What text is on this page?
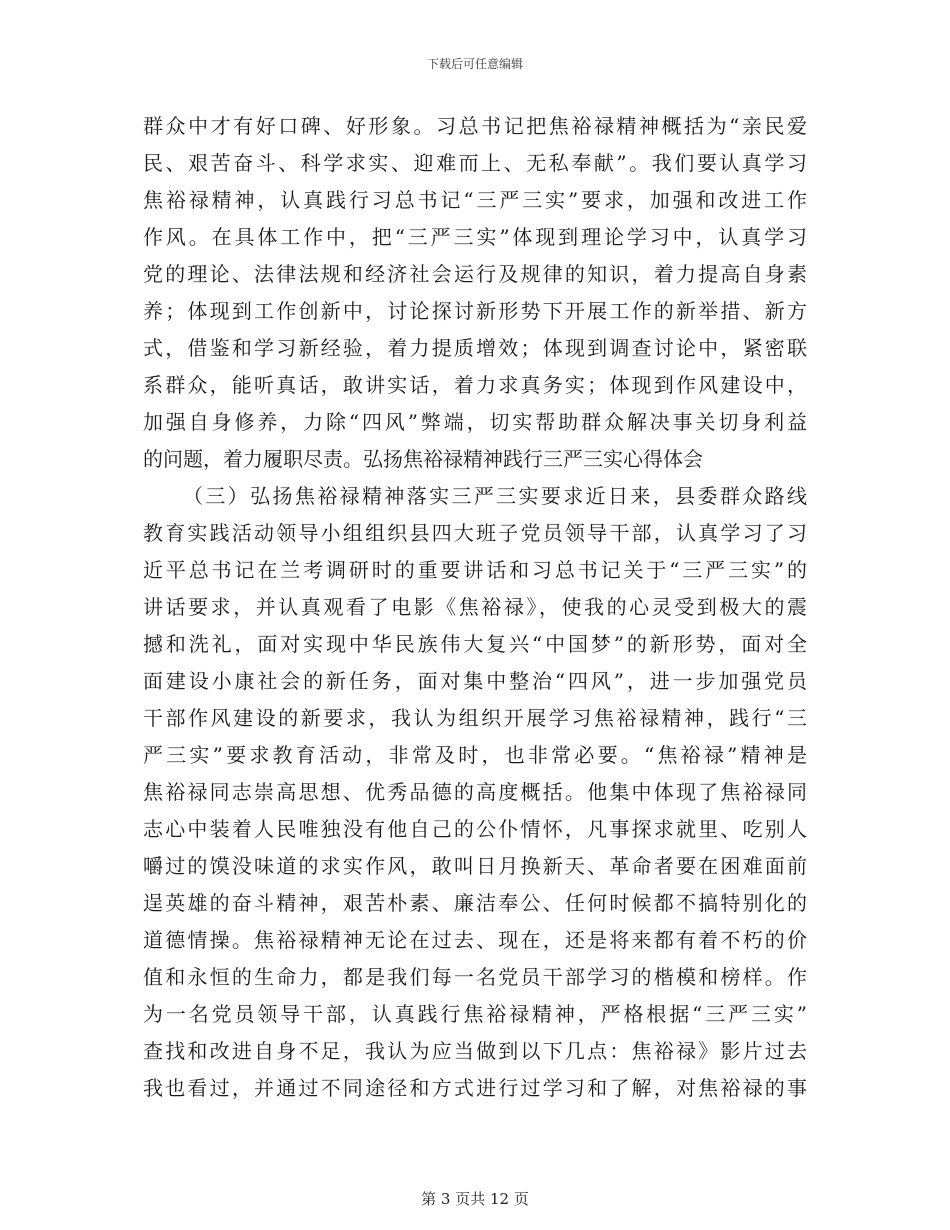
下载后可任意编辑
群众中才有好口碑、好形象。习总书记把焦裕禄精神概括为“亲民爱
民、艰苦奋斗、科学求实、迎难而上、无私奉献”。我们要认真学习
焦裕禄精神，认真践行习总书记“三严三实”要求，加强和改进工作
作风。在具体工作中，把“三严三实”体现到理论学习中，认真学习
党的理论、法律法规和经济社会运行及规律的知识，着力提高自身素
养；体现到工作创新中，讨论探讨新形势下开展工作的新举措、新方
式，借鉴和学习新经验，着力提质增效；体现到调查讨论中，紧密联
系群众，能听真话，敢讲实话，着力求真务实；体现到作风建设中，
加强自身修养，力除“四风”弊端，切实帮助群众解决事关切身利益
的问题，着力履职尽责。弘扬焦裕禄精神践行三严三实心得体会
（三）弘扬焦裕禄精神落实三严三实要求近日来，县委群众路线
教育实践活动领导小组组织县四大班子党员领导干部，认真学习了习
近平总书记在兰考调研时的重要讲话和习总书记关于“三严三实”的
讲话要求，并认真观看了电影《焦裕禄》，使我的心灵受到极大的震
撼和洗礼，面对实现中华民族伟大复兴“中国梦”的新形势，面对全
面建设小康社会的新任务，面对集中整治“四风”，进一步加强党员
干部作风建设的新要求，我认为组织开展学习焦裕禄精神，践行“三
严三实”要求教育活动，非常及时，也非常必要。“焦裕禄”精神是
焦裕禄同志崇高思想、优秀品德的高度概括。他集中体现了焦裕禄同
志心中装着人民唯独没有他自己的公仆情怀，凡事探求就里、吃别人
嚼过的馍没味道的求实作风，敢叫日月换新天、革命者要在困难面前
逞英雄的奋斗精神，艰苦朴素、廉洁奉公、任何时候都不搞特别化的
道德情操。焦裕禄精神无论在过去、现在，还是将来都有着不朽的价
值和永恒的生命力，都是我们每一名党员干部学习的楷模和榜样。作
为一名党员领导干部，认真践行焦裕禄精神，严格根据“三严三实”
查找和改进自身不足，我认为应当做到以下几点：焦裕禄》影片过去
我也看过，并通过不同途径和方式进行过学习和了解，对焦裕禄的事
第 3 页共 12 页
